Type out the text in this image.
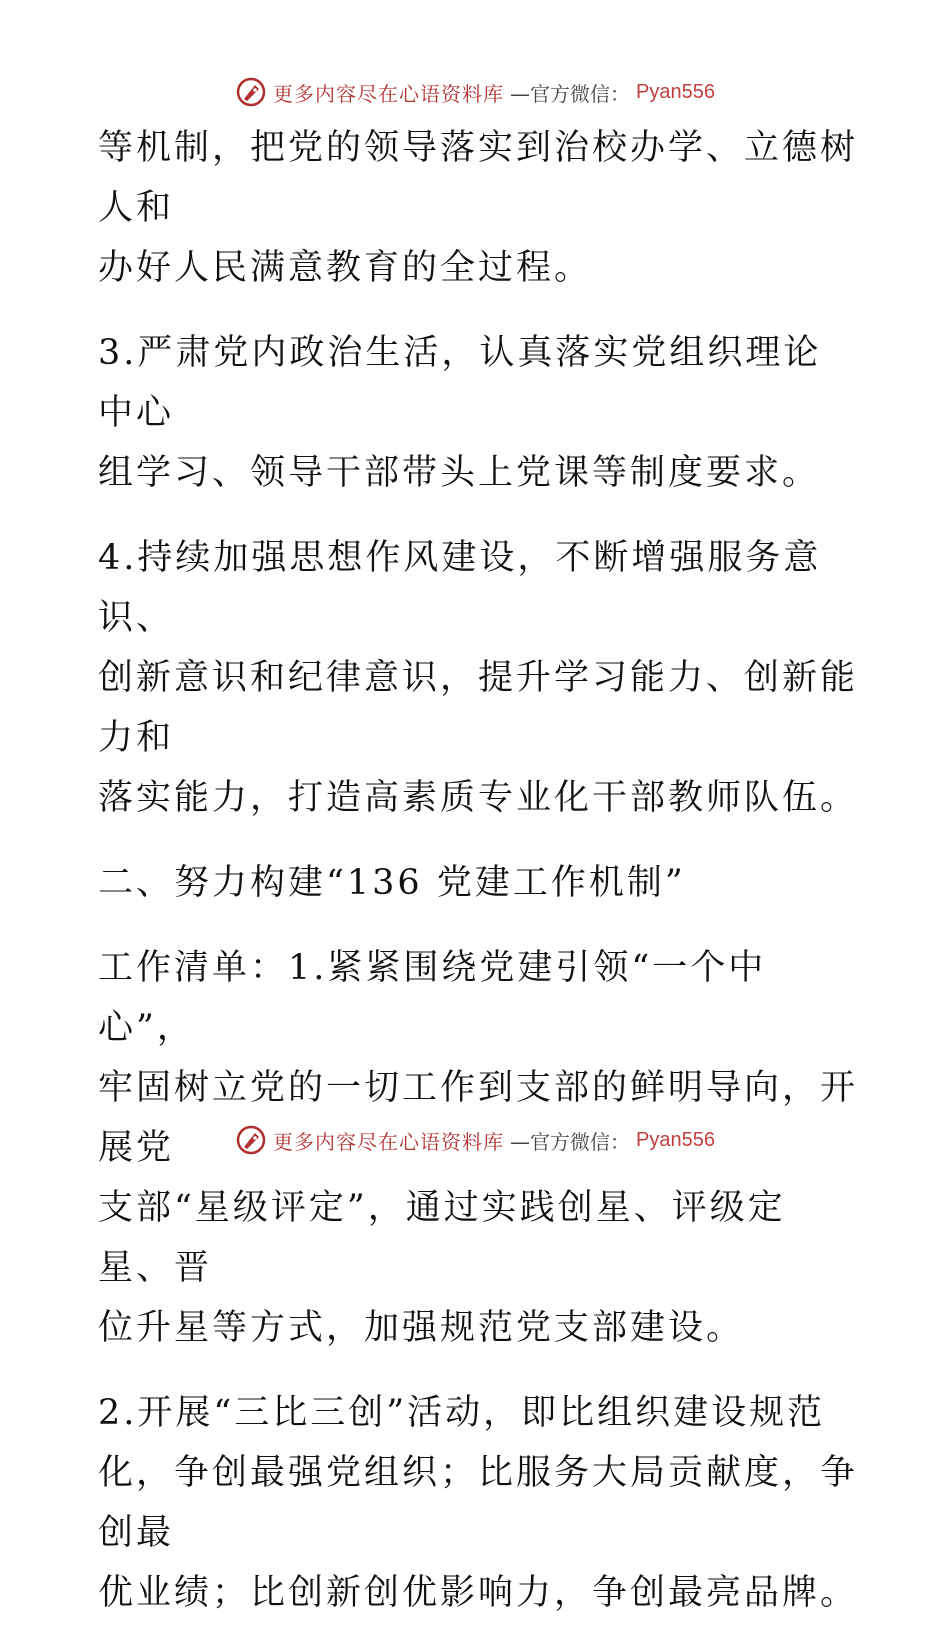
更多内容尽在心语资料库 —官方微信： Pyan556

等机制，把党的领导落实到治校办学、立德树人和
办好人民满意教育的全过程。

3.严肃党内政治生活，认真落实党组织理论中心
组学习、领导干部带头上党课等制度要求。

4.持续加强思想作风建设，不断增强服务意识、
创新意识和纪律意识，提升学习能力、创新能力和
落实能力，打造高素质专业化干部教师队伍。

二、努力构建“136 党建工作机制”

工作清单：1.紧紧围绕党建引领“一个中心”，
牢固树立党的一切工作到支部的鲜明导向，开展党
支部“星级评定”，通过实践创星、评级定星、晋
位升星等方式，加强规范党支部建设。

2.开展“三比三创”活动，即比组织建设规范
化，争创最强党组织；比服务大局贡献度，争创最
优业绩；比创新创优影响力，争创最亮品牌。

更多内容尽在心语资料库 —官方微信： Pyan556
